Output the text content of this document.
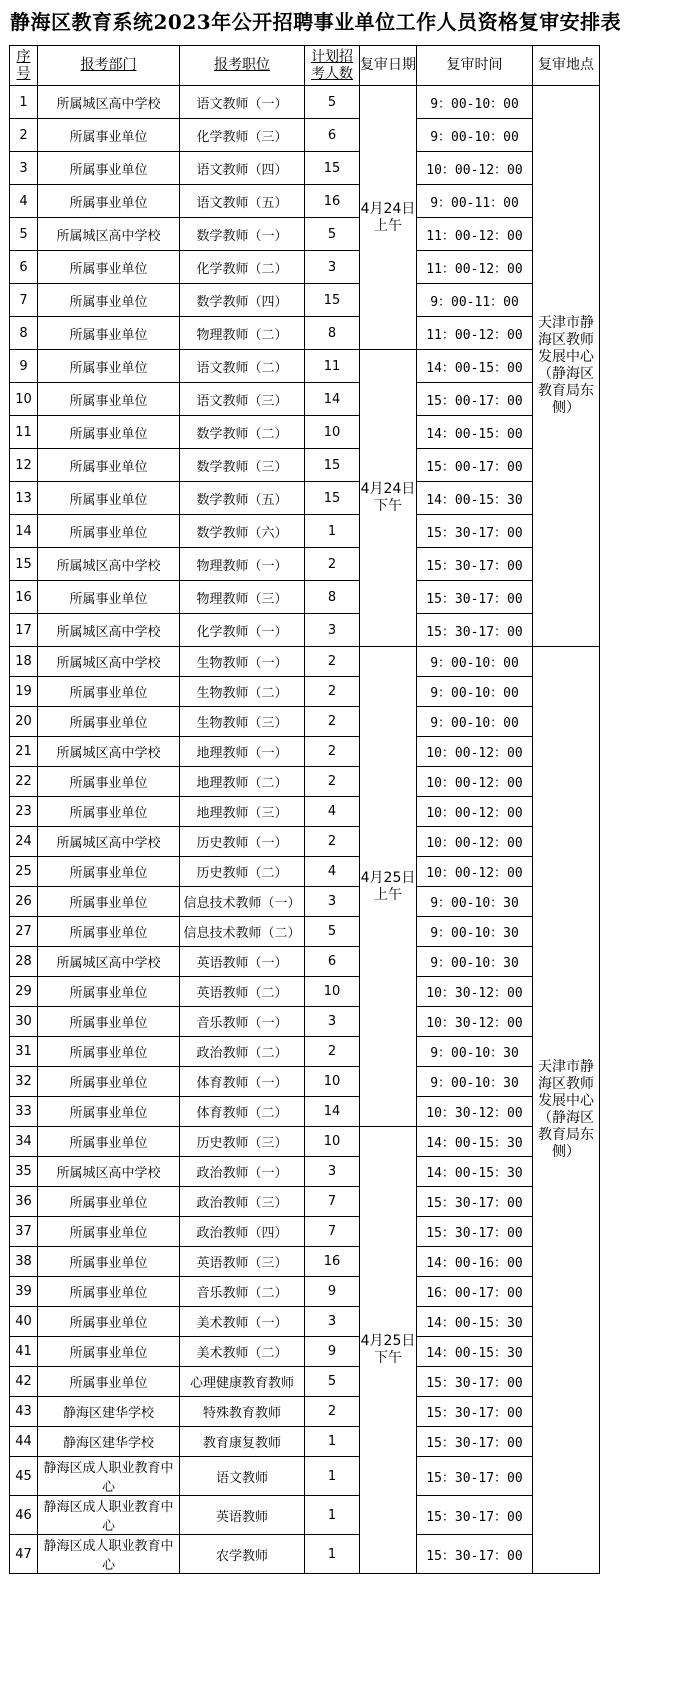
静海区教育系统2023年公开招聘事业单位工作人员资格复审安排表
序号	报考部门	报考职位	计划招考人数	复审日期	复审时间	复审地点
1	所属城区高中学校	语文教师（一）	5	4月24日上午	9：00-10：00	天津市静海区教师发展中心（静海区教育局东侧）
2	所属事业单位	化学教师（三）	6		9：00-10：00	
3	所属事业单位	语文教师（四）	15		10：00-12：00	
4	所属事业单位	语文教师（五）	16		9：00-11：00	
5	所属城区高中学校	数学教师（一）	5		11：00-12：00	
6	所属事业单位	化学教师（二）	3		11：00-12：00	
7	所属事业单位	数学教师（四）	15		9：00-11：00	
8	所属事业单位	物理教师（二）	8		11：00-12：00	
9	所属事业单位	语文教师（二）	11	4月24日下午	14：00-15：00	
10	所属事业单位	语文教师（三）	14		15：00-17：00	
11	所属事业单位	数学教师（二）	10		14：00-15：00	
12	所属事业单位	数学教师（三）	15		15：00-17：00	
13	所属事业单位	数学教师（五）	15		14：00-15：30	
14	所属事业单位	数学教师（六）	1		15：30-17：00	
15	所属城区高中学校	物理教师（一）	2		15：30-17：00	
16	所属事业单位	物理教师（三）	8		15：30-17：00	
17	所属城区高中学校	化学教师（一）	3		15：30-17：00	
18	所属城区高中学校	生物教师（一）	2	4月25日上午	9：00-10：00	天津市静海区教师发展中心（静海区教育局东侧）
19	所属事业单位	生物教师（二）	2		9：00-10：00	
20	所属事业单位	生物教师（三）	2		9：00-10：00	
21	所属城区高中学校	地理教师（一）	2		10：00-12：00	
22	所属事业单位	地理教师（二）	2		10：00-12：00	
23	所属事业单位	地理教师（三）	4		10：00-12：00	
24	所属城区高中学校	历史教师（一）	2		10：00-12：00	
25	所属事业单位	历史教师（二）	4		10：00-12：00	
26	所属事业单位	信息技术教师（一）	3		9：00-10：30	
27	所属事业单位	信息技术教师（二）	5		9：00-10：30	
28	所属城区高中学校	英语教师（一）	6		9：00-10：30	
29	所属事业单位	英语教师（二）	10		10：30-12：00	
30	所属事业单位	音乐教师（一）	3		10：30-12：00	
31	所属事业单位	政治教师（二）	2		9：00-10：30	
32	所属事业单位	体育教师（一）	10		9：00-10：30	
33	所属事业单位	体育教师（二）	14		10：30-12：00	
34	所属事业单位	历史教师（三）	10	4月25日下午	14：00-15：30	
35	所属城区高中学校	政治教师（一）	3		14：00-15：30	
36	所属事业单位	政治教师（三）	7		15：30-17：00	
37	所属事业单位	政治教师（四）	7		15：30-17：00	
38	所属事业单位	英语教师（三）	16		14：00-16：00	
39	所属事业单位	音乐教师（二）	9		16：00-17：00	
40	所属事业单位	美术教师（一）	3		14：00-15：30	
41	所属事业单位	美术教师（二）	9		14：00-15：30	
42	所属事业单位	心理健康教育教师	5		15：30-17：00	
43	静海区建华学校	特殊教育教师	2		15：30-17：00	
44	静海区建华学校	教育康复教师	1		15：30-17：00	
45	静海区成人职业教育中心	语文教师	1		15：30-17：00	
46	静海区成人职业教育中心	英语教师	1		15：30-17：00	
47	静海区成人职业教育中心	农学教师	1		15：30-17：00	
